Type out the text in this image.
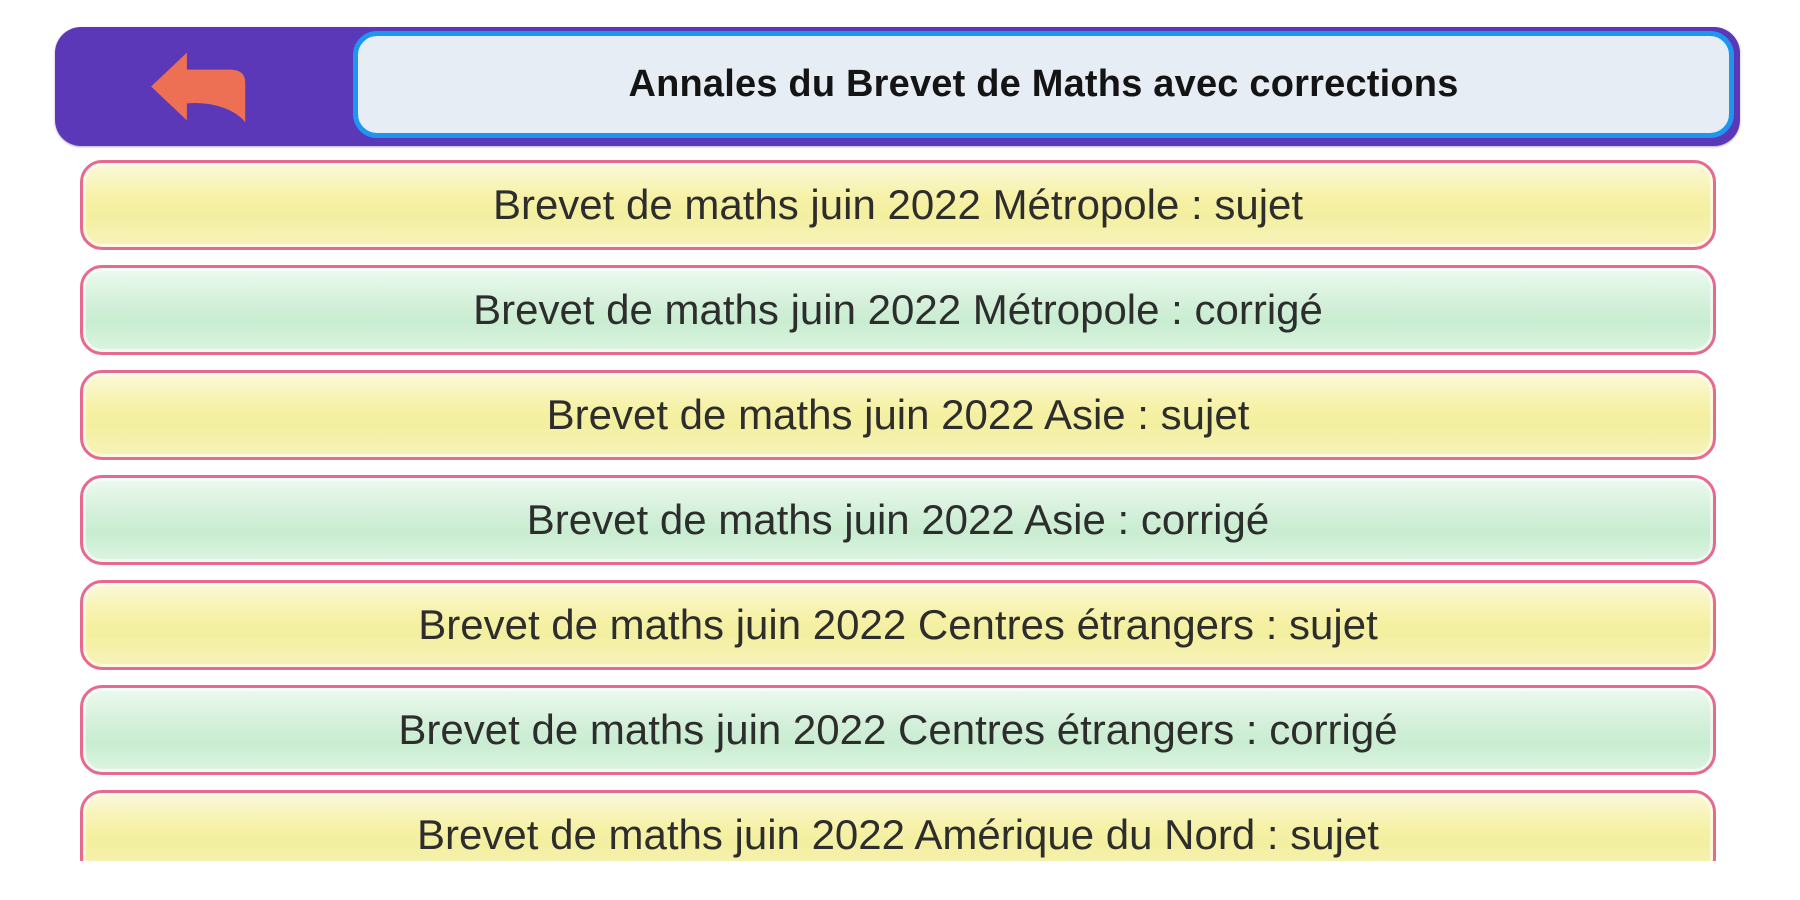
Annales du Brevet de Maths avec corrections
Brevet de maths juin 2022 Métropole : sujet
Brevet de maths juin 2022 Métropole : corrigé
Brevet de maths juin 2022 Asie : sujet
Brevet de maths juin 2022 Asie : corrigé
Brevet de maths juin 2022 Centres étrangers : sujet
Brevet de maths juin 2022 Centres étrangers : corrigé
Brevet de maths juin 2022 Amérique du Nord : sujet
